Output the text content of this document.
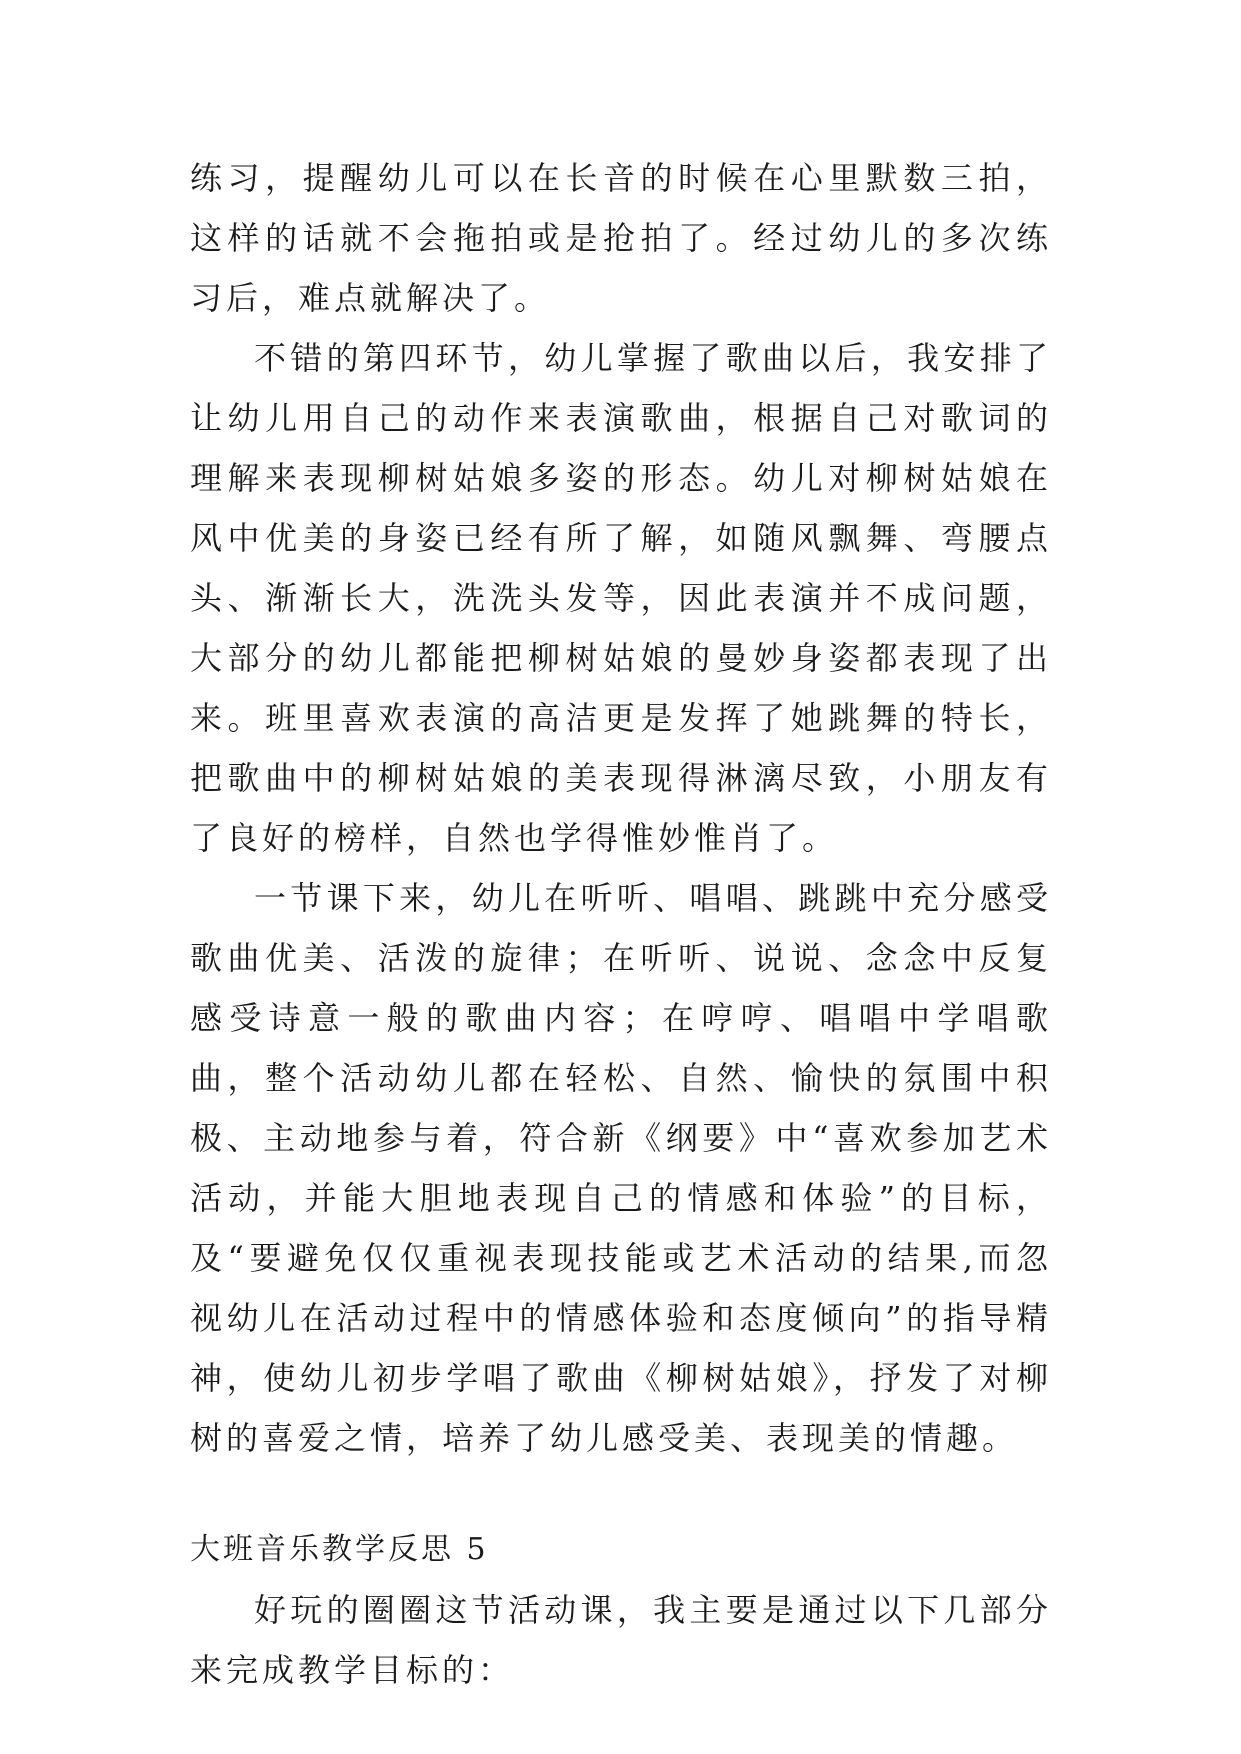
练习，提醒幼儿可以在长音的时候在心里默数三拍，这样的话就不会拖拍或是抢拍了。经过幼儿的多次练习后，难点就解决了。

不错的第四环节，幼儿掌握了歌曲以后，我安排了让幼儿用自己的动作来表演歌曲，根据自己对歌词的理解来表现柳树姑娘多姿的形态。幼儿对柳树姑娘在风中优美的身姿已经有所了解，如随风飘舞、弯腰点头、渐渐长大，洗洗头发等，因此表演并不成问题，大部分的幼儿都能把柳树姑娘的曼妙身姿都表现了出来。班里喜欢表演的高洁更是发挥了她跳舞的特长，把歌曲中的柳树姑娘的美表现得淋漓尽致，小朋友有了良好的榜样，自然也学得惟妙惟肖了。

一节课下来，幼儿在听听、唱唱、跳跳中充分感受歌曲优美、活泼的旋律；在听听、说说、念念中反复感受诗意一般的歌曲内容；在哼哼、唱唱中学唱歌曲，整个活动幼儿都在轻松、自然、愉快的氛围中积极、主动地参与着，符合新《纲要》中“喜欢参加艺术活动，并能大胆地表现自己的情感和体验”的目标，及“要避免仅仅重视表现技能或艺术活动的结果,而忽视幼儿在活动过程中的情感体验和态度倾向”的指导精神，使幼儿初步学唱了歌曲《柳树姑娘》，抒发了对柳树的喜爱之情，培养了幼儿感受美、表现美的情趣。

大班音乐教学反思 5

好玩的圈圈这节活动课，我主要是通过以下几部分来完成教学目标的：
